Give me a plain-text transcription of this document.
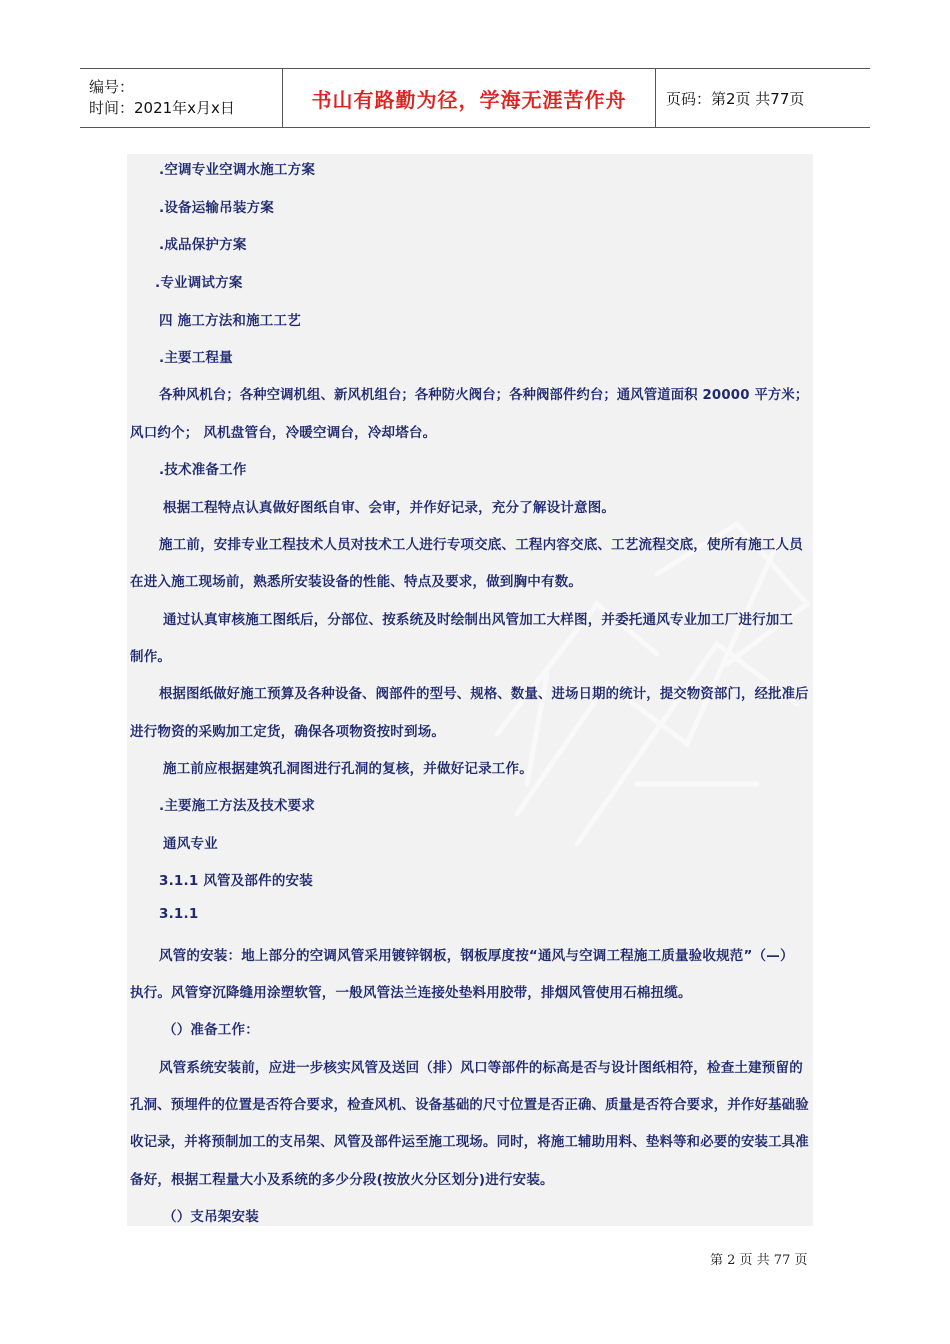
编号：
时间：2021年x月x日	书山有路勤为径，学海无涯苦作舟	页码：第2页 共77页
.空调专业空调水施工方案
.设备运输吊装方案
.成品保护方案
.专业调试方案
四 施工方法和施工工艺
.主要工程量
各种风机台；各种空调机组、新风机组台；各种防火阀台；各种阀部件约台；通风管道面积 20000 平方米；
风口约个； 风机盘管台，冷暖空调台，冷却塔台。
.技术准备工作
根据工程特点认真做好图纸自审、会审，并作好记录，充分了解设计意图。
施工前，安排专业工程技术人员对技术工人进行专项交底、工程内容交底、工艺流程交底，使所有施工人员
在进入施工现场前，熟悉所安装设备的性能、特点及要求，做到胸中有数。
通过认真审核施工图纸后，分部位、按系统及时绘制出风管加工大样图，并委托通风专业加工厂进行加工
制作。
根据图纸做好施工预算及各种设备、阀部件的型号、规格、数量、进场日期的统计，提交物资部门，经批准后
进行物资的采购加工定货，确保各项物资按时到场。
施工前应根据建筑孔洞图进行孔洞的复核，并做好记录工作。
.主要施工方法及技术要求
通风专业
3.1.1 风管及部件的安装
3.1.1
风管的安装：地上部分的空调风管采用镀锌钢板，钢板厚度按“通风与空调工程施工质量验收规范”（—）
执行。风管穿沉降缝用涂塑软管，一般风管法兰连接处垫料用胶带，排烟风管使用石棉扭缆。
（）准备工作：
风管系统安装前，应进一步核实风管及送回（排）风口等部件的标高是否与设计图纸相符，检查土建预留的
孔洞、预埋件的位置是否符合要求，检查风机、设备基础的尺寸位置是否正确、质量是否符合要求，并作好基础验
收记录，并将预制加工的支吊架、风管及部件运至施工现场。同时，将施工辅助用料、垫料等和必要的安装工具准
备好，根据工程量大小及系统的多少分段(按放火分区划分)进行安装。
（）支吊架安装
第 2 页 共 77 页
